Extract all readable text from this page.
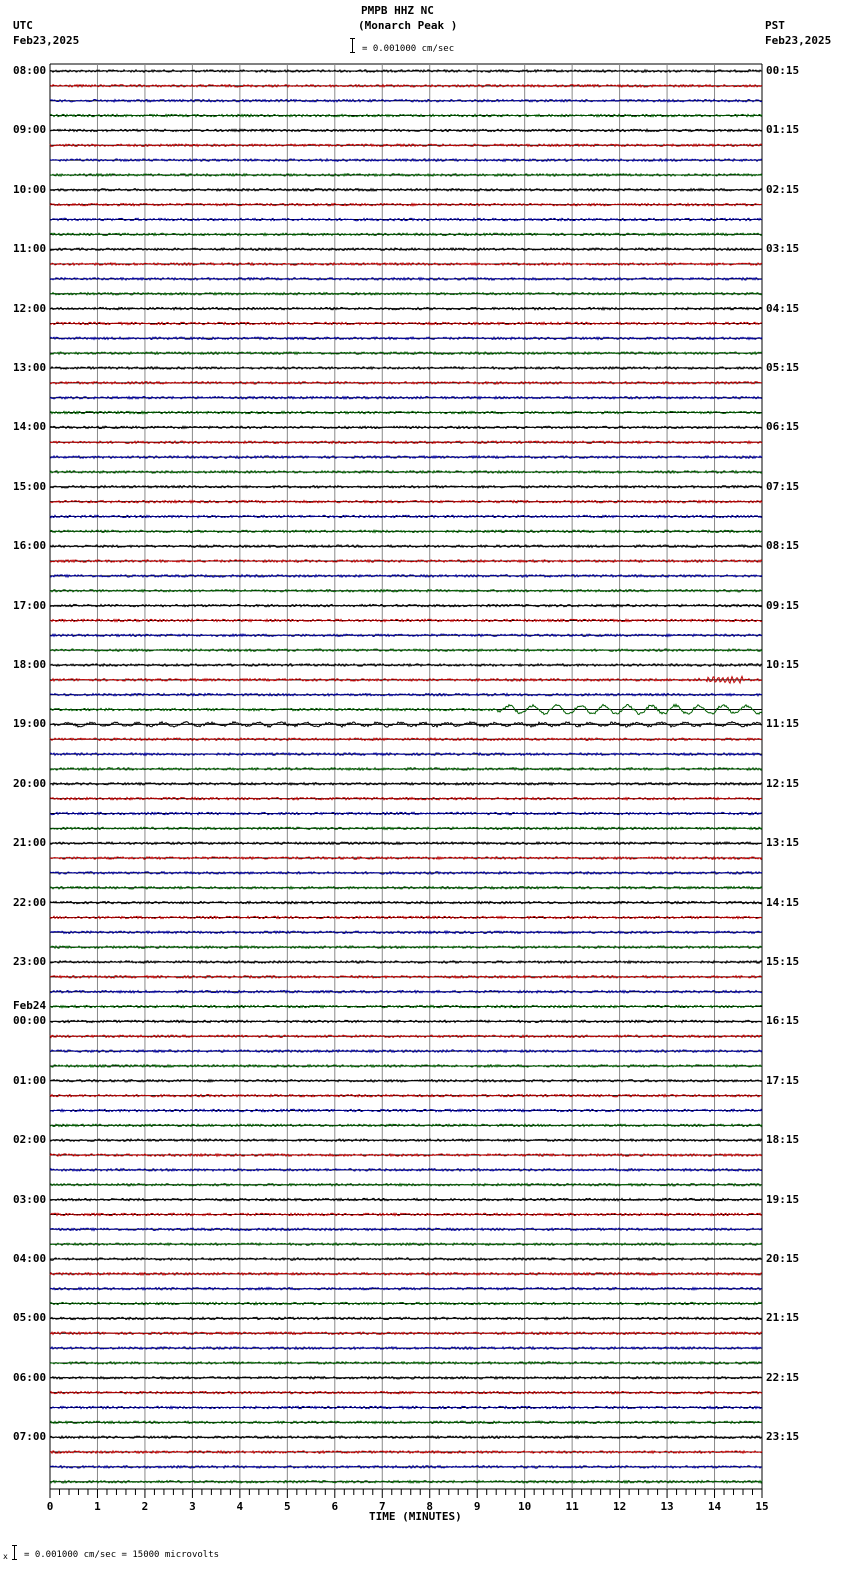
PMPB HHZ NC
(Monarch Peak )
UTC
Feb23,2025
PST
Feb23,2025
= 0.001000 cm/sec
08:00
09:00
10:00
11:00
12:00
13:00
14:00
15:00
16:00
17:00
18:00
19:00
20:00
21:00
22:00
23:00
Feb24
00:00
01:00
02:00
03:00
04:00
05:00
06:00
07:00
00:15
01:15
02:15
03:15
04:15
05:15
06:15
07:15
08:15
09:15
10:15
11:15
12:15
13:15
14:15
15:15
16:15
17:15
18:15
19:15
20:15
21:15
22:15
23:15
0	1	2	3	4	5	6	7	8	9	10	11	12	13	14	15
TIME (MINUTES)
x = 0.001000 cm/sec = 15000 microvolts
